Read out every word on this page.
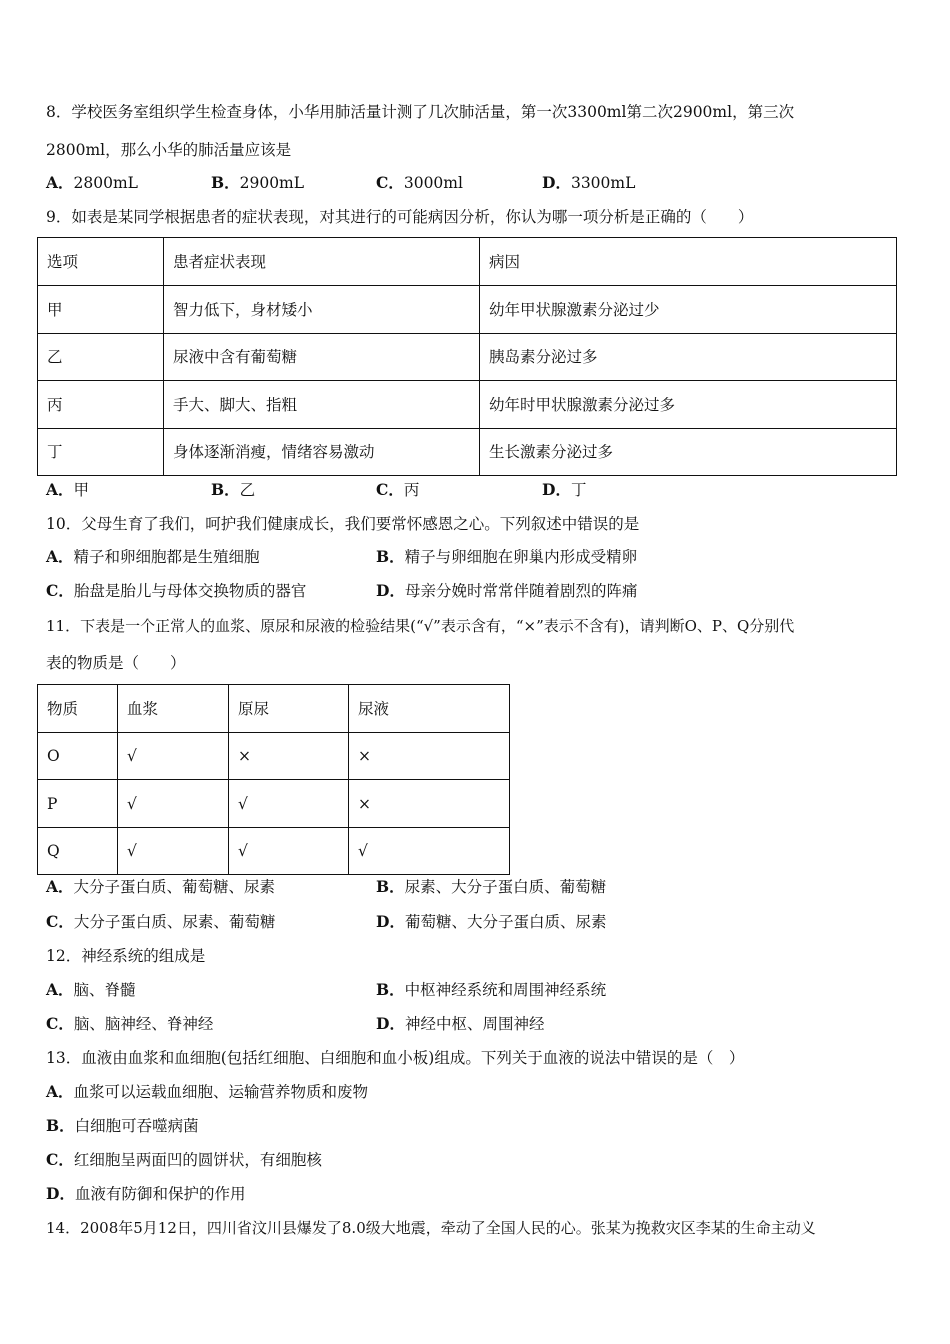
8．学校医务室组织学生检查身体，小华用肺活量计测了几次肺活量，第一次3300ml第二次2900ml，第三次
2800ml，那么小华的肺活量应该是
A．2800mL	B．2900mL	C．3000ml	D．3300mL
9．如表是某同学根据患者的症状表现，对其进行的可能病因分析，你认为哪一项分析是正确的（　　）
选项	患者症状表现	病因
甲	智力低下，身材矮小	幼年甲状腺激素分泌过少
乙	尿液中含有葡萄糖	胰岛素分泌过多
丙	手大、脚大、指粗	幼年时甲状腺激素分泌过多
丁	身体逐渐消瘦，情绪容易激动	生长激素分泌过多
A．甲	B．乙	C．丙	D．丁
10．父母生育了我们，呵护我们健康成长，我们要常怀感恩之心。下列叙述中错误的是
A．精子和卵细胞都是生殖细胞	B．精子与卵细胞在卵巢内形成受精卵
C．胎盘是胎儿与母体交换物质的器官	D．母亲分娩时常常伴随着剧烈的阵痛
11．下表是一个正常人的血浆、原尿和尿液的检验结果(“√”表示含有，“×”表示不含有)，请判断O、P、Q分别代
表的物质是（　　）
物质	血浆	原尿	尿液
O	√	×	×
P	√	√	×
Q	√	√	√
A．大分子蛋白质、葡萄糖、尿素	B．尿素、大分子蛋白质、葡萄糖
C．大分子蛋白质、尿素、葡萄糖	D．葡萄糖、大分子蛋白质、尿素
12．神经系统的组成是
A．脑、脊髓	B．中枢神经系统和周围神经系统
C．脑、脑神经、脊神经	D．神经中枢、周围神经
13．血液由血浆和血细胞(包括红细胞、白细胞和血小板)组成。下列关于血液的说法中错误的是（　）
A．血浆可以运载血细胞、运输营养物质和废物
B．白细胞可吞噬病菌
C．红细胞呈两面凹的圆饼状，有细胞核
D．血液有防御和保护的作用
14．2008年5月12日，四川省汶川县爆发了8.0级大地震，牵动了全国人民的心。张某为挽救灾区李某的生命主动义
